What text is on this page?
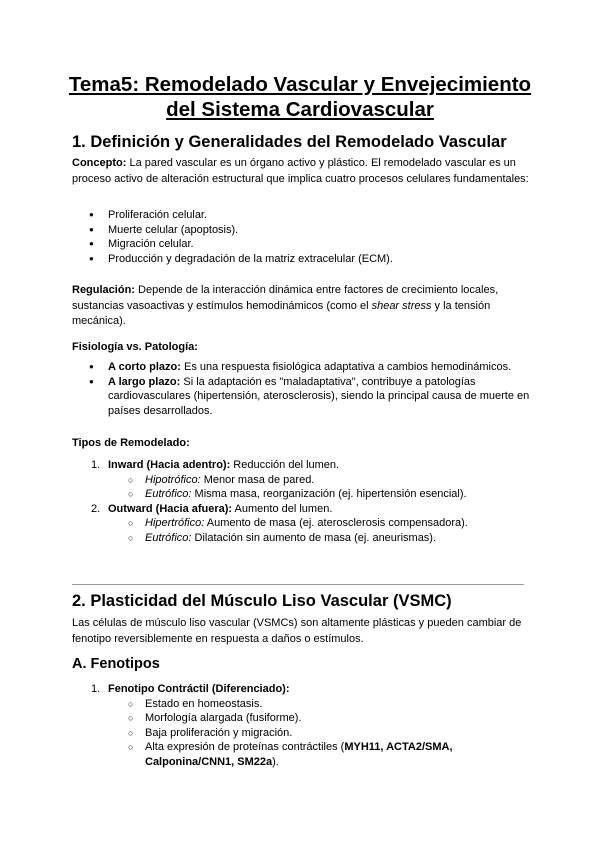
Tema5: Remodelado Vascular y Envejecimiento del Sistema Cardiovascular
1. Definición y Generalidades del Remodelado Vascular

Concepto: La pared vascular es un órgano activo y plástico. El remodelado vascular es un proceso activo de alteración estructural que implica cuatro procesos celulares fundamentales:

● Proliferación celular.
● Muerte celular (apoptosis).
● Migración celular.
● Producción y degradación de la matriz extracelular (ECM).

Regulación: Depende de la interacción dinámica entre factores de crecimiento locales, sustancias vasoactivas y estímulos hemodinámicos (como el shear stress y la tensión mecánica).

Fisiología vs. Patología:

● A corto plazo: Es una respuesta fisiológica adaptativa a cambios hemodinámicos.
● A largo plazo: Si la adaptación es "maladaptativa", contribuye a patologías cardiovasculares (hipertensión, aterosclerosis), siendo la principal causa de muerte en países desarrollados.

Tipos de Remodelado:

1. Inward (Hacia adentro): Reducción del lumen.
○ Hipotrófico: Menor masa de pared.
○ Eutrófico: Misma masa, reorganización (ej. hipertensión esencial).
2. Outward (Hacia afuera): Aumento del lumen.
○ Hipertrófico: Aumento de masa (ej. aterosclerosis compensadora).
○ Eutrófico: Dilatación sin aumento de masa (ej. aneurismas).
2. Plasticidad del Músculo Liso Vascular (VSMC)

Las células de músculo liso vascular (VSMCs) son altamente plásticas y pueden cambiar de fenotipo reversiblemente en respuesta a daños o estímulos.

A. Fenotipos
1. Fenotipo Contráctil (Diferenciado):
○ Estado en homeostasis.
○ Morfología alargada (fusiforme).
○ Baja proliferación y migración.
○ Alta expresión de proteínas contráctiles (MYH11, ACTA2/SMA, Calponina/CNN1, SM22a).
